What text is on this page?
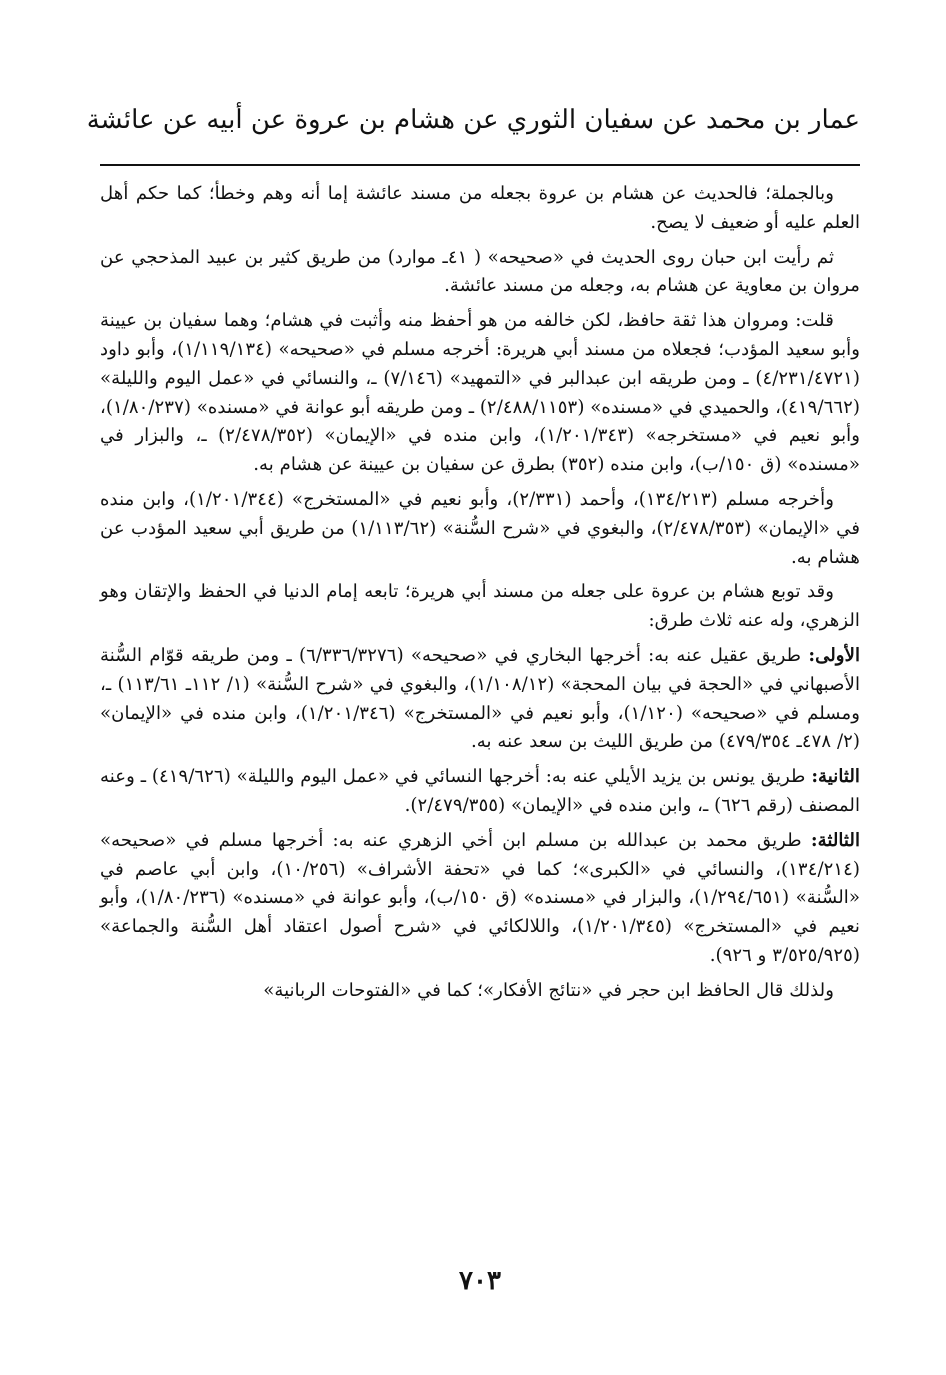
عمار بن محمد عن سفيان الثوري عن هشام بن عروة عن أبيه عن عائشة

وبالجملة؛ فالحديث عن هشام بن عروة بجعله من مسند عائشة إما أنه وهم وخطأ؛ كما حكم أهل العلم عليه أو ضعيف لا يصح.

ثم رأيت ابن حبان روى الحديث في «صحيحه» ( ٤١ـ موارد) من طريق كثير بن عبيد المذحجي عن مروان بن معاوية عن هشام به، وجعله من مسند عائشة.

قلت: ومروان هذا ثقة حافظ، لكن خالفه من هو أحفظ منه وأثبت في هشام؛ وهما سفيان بن عيينة وأبو سعيد المؤدب؛ فجعلاه من مسند أبي هريرة: أخرجه مسلم في «صحيحه» (١/١١٩/١٣٤)، وأبو داود (٤/٢٣١/٤٧٢١) ـ ومن طريقه ابن عبدالبر في «التمهيد» (٧/١٤٦) ـ، والنسائي في «عمل اليوم والليلة» (٤١٩/٦٦٢)، والحميدي في «مسنده» (٢/٤٨٨/١١٥٣) ـ ومن طريقه أبو عوانة في «مسنده» (١/٨٠/٢٣٧)، وأبو نعيم في «مستخرجه» (١/٢٠١/٣٤٣)، وابن منده في «الإيمان» (٢/٤٧٨/٣٥٢) ـ، والبزار في «مسنده» (ق ١٥٠/ب)، وابن منده (٣٥٢) بطرق عن سفيان بن عيينة عن هشام به.

وأخرجه مسلم (١٣٤/٢١٣)، وأحمد (٢/٣٣١)، وأبو نعيم في «المستخرج» (١/٢٠١/٣٤٤)، وابن منده في «الإيمان» (٢/٤٧٨/٣٥٣)، والبغوي في «شرح السُّنة» (١/١١٣/٦٢) من طريق أبي سعيد المؤدب عن هشام به.

وقد توبع هشام بن عروة على جعله من مسند أبي هريرة؛ تابعه إمام الدنيا في الحفظ والإتقان وهو الزهري، وله عنه ثلاث طرق:

الأولى: طريق عقيل عنه به: أخرجها البخاري في «صحيحه» (٦/٣٣٦/٣٢٧٦) ـ ومن طريقه قوّام السُّنة الأصبهاني في «الحجة في بيان المحجة» (١/١٠٨/١٢)، والبغوي في «شرح السُّنة» (١/ ١١٢ـ ١١٣/٦١) ـ، ومسلم في «صحيحه» (١/١٢٠)، وأبو نعيم في «المستخرج» (١/٢٠١/٣٤٦)، وابن منده في «الإيمان» (٢/ ٤٧٨ـ ٤٧٩/٣٥٤) من طريق الليث بن سعد عنه به.

الثانية: طريق يونس بن يزيد الأيلي عنه به: أخرجها النسائي في «عمل اليوم والليلة» (٤١٩/٦٢٦) ـ وعنه المصنف (رقم ٦٢٦) ـ، وابن منده في «الإيمان» (٢/٤٧٩/٣٥٥).

الثالثة: طريق محمد بن عبدالله بن مسلم ابن أخي الزهري عنه به: أخرجها مسلم في «صحيحه» (١٣٤/٢١٤)، والنسائي في «الكبرى»؛ كما في «تحفة الأشراف» (١٠/٢٥٦)، وابن أبي عاصم في «السُّنة» (١/٢٩٤/٦٥١)، والبزار في «مسنده» (ق ١٥٠/ب)، وأبو عوانة في «مسنده» (١/٨٠/٢٣٦)، وأبو نعيم في «المستخرج» (١/٢٠١/٣٤٥)، واللالكائي في «شرح أصول اعتقاد أهل السُّنة والجماعة» (٣/٥٢٥/٩٢٥ و ٩٢٦).

ولذلك قال الحافظ ابن حجر في «نتائج الأفكار»؛ كما في «الفتوحات الربانية»

٧٠٣
